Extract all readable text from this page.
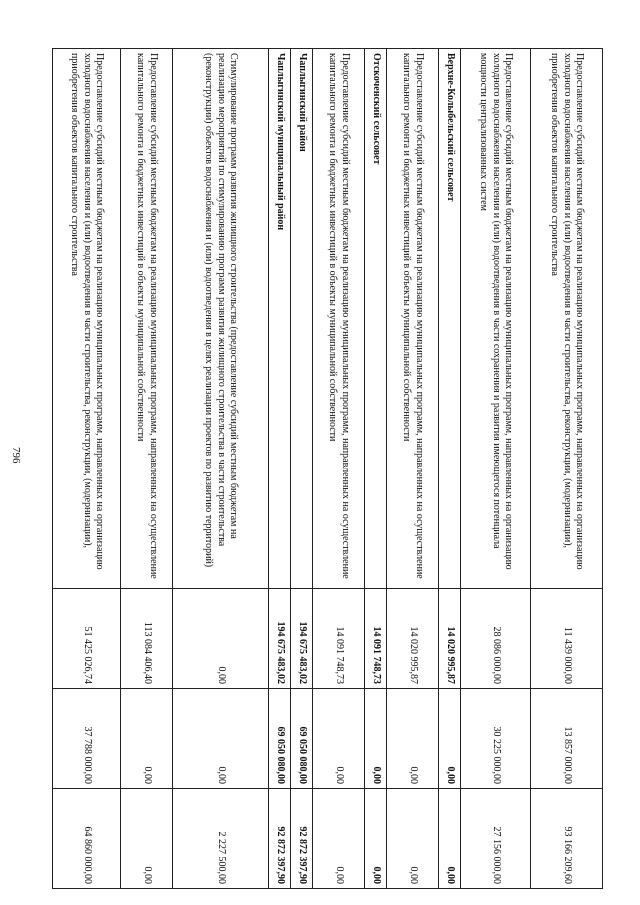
796	Предоставление субсидий местным бюджетам на реализацию муниципальных программ, направленных на организацию холодного водоснабжения населения и (или) водоотведения в части строительства, реконструкции, (модернизации), приобретения объектов капитального строительства	11 439 000,00	13 857 000,00	93 166 209,60
Предоставление субсидий местным бюджетам на реализацию муниципальных программ, направленных на организацию холодного водоснабжения населения и (или) водоотведения в части сохранения и развития имеющегося потенциала мощности централизованных систем	28 086 000,00	30 225 000,00	27 156 000,00
Верхне-Колыбельский сельсовет	14 020 995,87	0,00	0,00
Предоставление субсидий местным бюджетам на реализацию муниципальных программ, направленных на осуществление капитального ремонта и бюджетных инвестиций в объекты муниципальной собственности	14 020 995,87	0,00	0,00
Отскоченский сельсовет	14 091 748,73	0,00	0,00
Предоставление субсидий местным бюджетам на реализацию муниципальных программ, направленных на осуществление капитального ремонта и бюджетных инвестиций в объекты муниципальной собственности	14 091 748,73	0,00	0,00
Чаплыгинский район	194 675 483,02	69 050 080,00	92 872 397,90
Чаплыгинский муниципальный район	194 675 483,02	69 050 080,00	92 872 397,90
Стимулирование программ развития жилищного строительства (предоставление субсидий местным бюджетам на реализацию мероприятий по стимулированию программ развития жилищного строительства в части строительства (реконструкции) объектов водоснабжения и (или) водоотведения в целях реализации проектов по развитию территорий)	0,00	0,00	2 227 500,00
Предоставление субсидий местным бюджетам на реализацию муниципальных программ, направленных на осуществление капитального ремонта и бюджетных инвестиций в объекты муниципальной собственности	113 084 406,40	0,00	0,00
Предоставление субсидий местным бюджетам на реализацию муниципальных программ, направленных на организацию холодного водоснабжения населения и (или) водоотведения в части строительства, реконструкции, (модернизации), приобретения объектов капитального строительства	51 425 026,74	37 788 000,00	64 860 000,00
